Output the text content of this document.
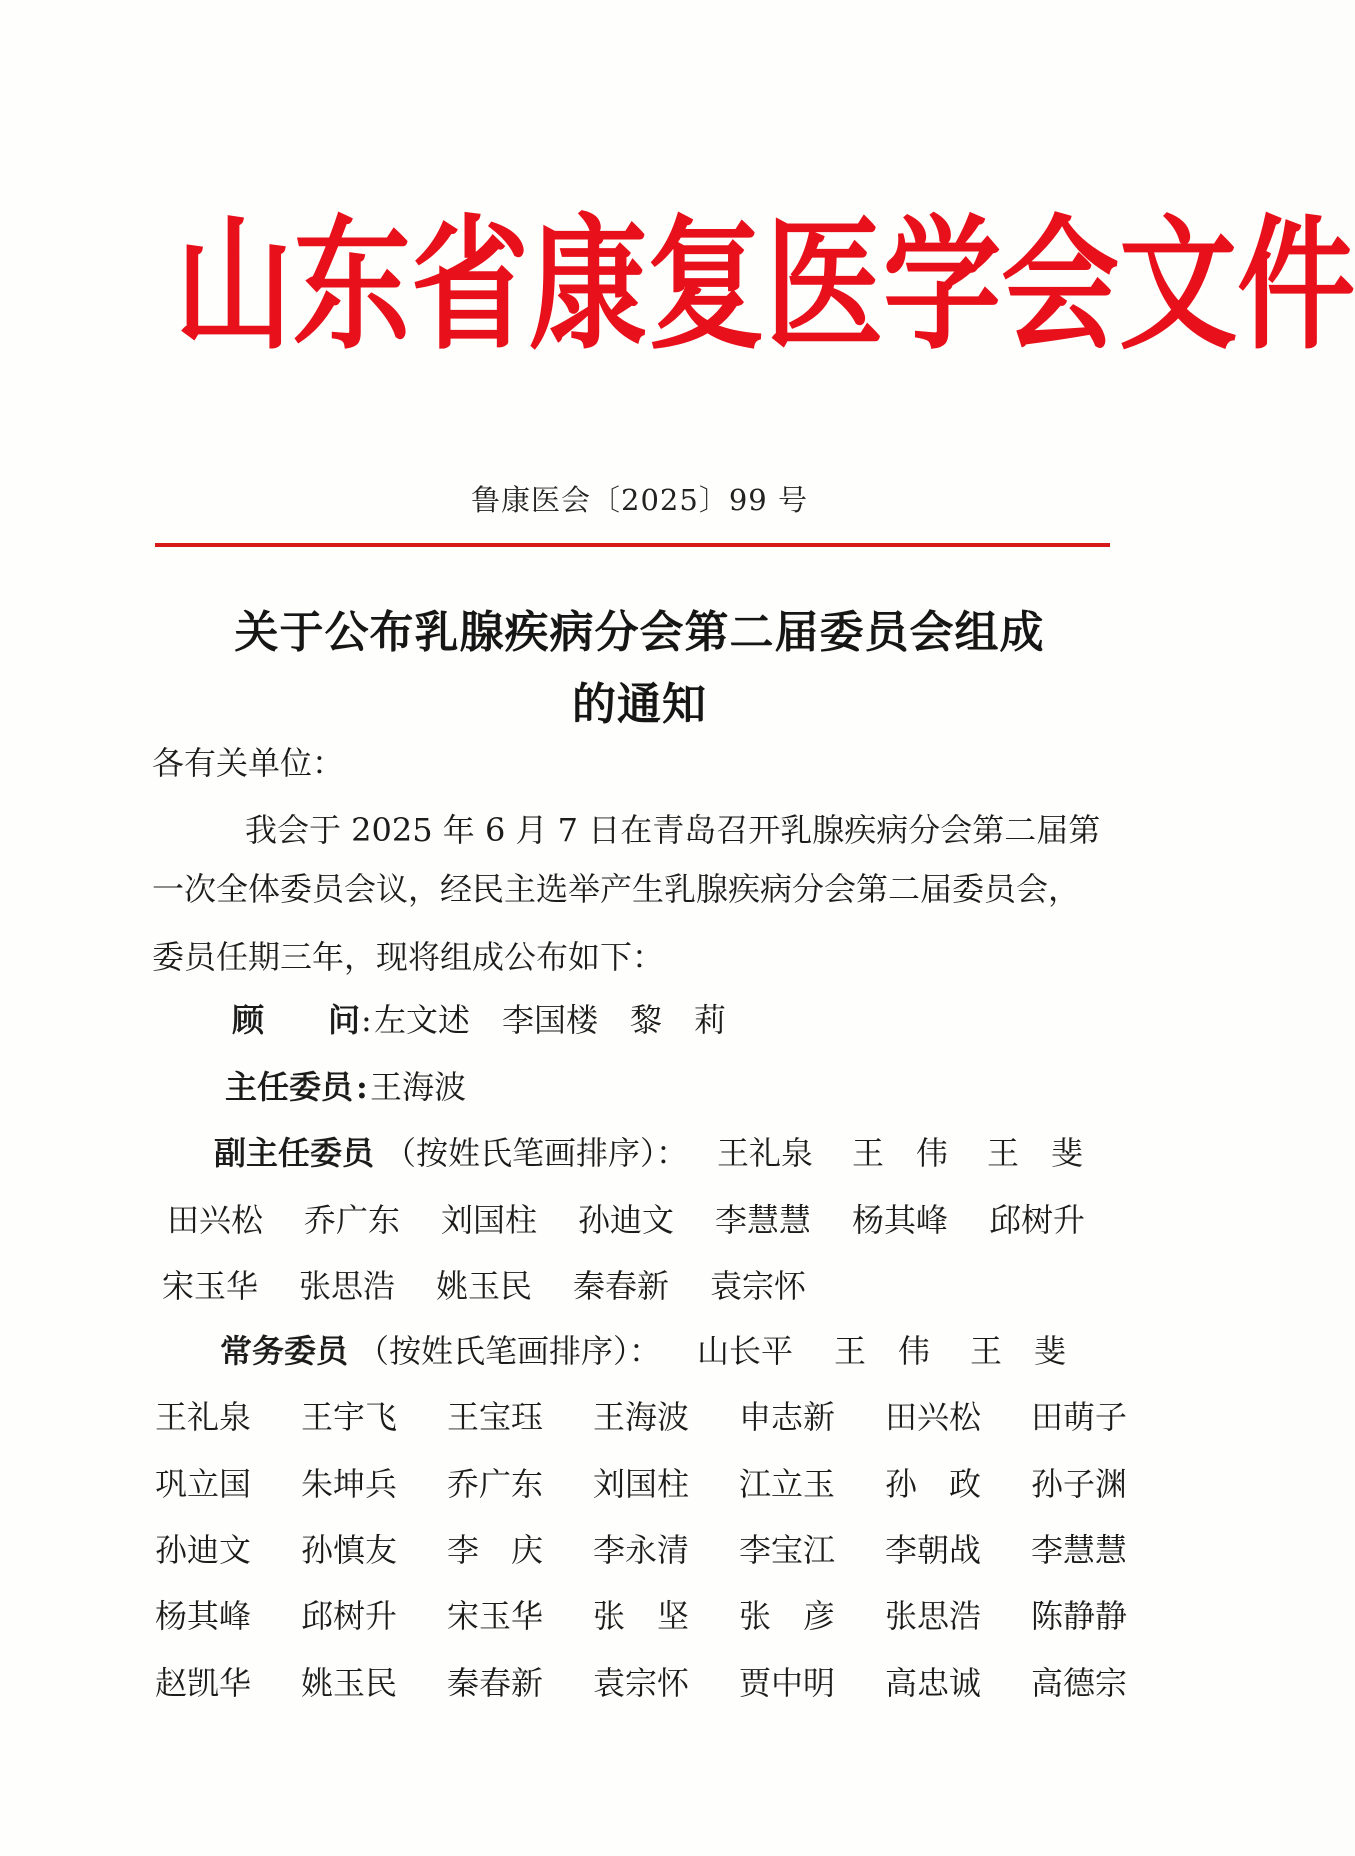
山 东 省 康 复 医 学 会 文 件
鲁康医会〔2025〕99 号
关于公布乳腺疾病分会第二届委员会组成
的通知
各有关单位：
我会于 2025 年 6 月 7 日在青岛召开乳腺疾病分会第二届第
一次全体委员会议，经民主选举产生乳腺疾病分会第二届委员会，
委员任期三年，现将组成公布如下：
顾　　问 : 左文述　李国楼　黎　莉
主任委员 : 王海波
副主任委员 （按姓氏笔画排序）： 王礼泉 王　伟 王　斐
田兴松 乔广东 刘国柱 孙迪文 李慧慧 杨其峰 邱树升
宋玉华 张思浩 姚玉民 秦春新 袁宗怀
常务委员 （按姓氏笔画排序）： 山长平 王　伟 王　斐
王礼泉 王宇飞 王宝珏 王海波 申志新 田兴松 田萌子
巩立国 朱坤兵 乔广东 刘国柱 江立玉 孙　政 孙子渊
孙迪文 孙慎友 李　庆 李永清 李宝江 李朝战 李慧慧
杨其峰 邱树升 宋玉华 张　坚 张　彦 张思浩 陈静静
赵凯华 姚玉民 秦春新 袁宗怀 贾中明 高忠诚 高德宗
